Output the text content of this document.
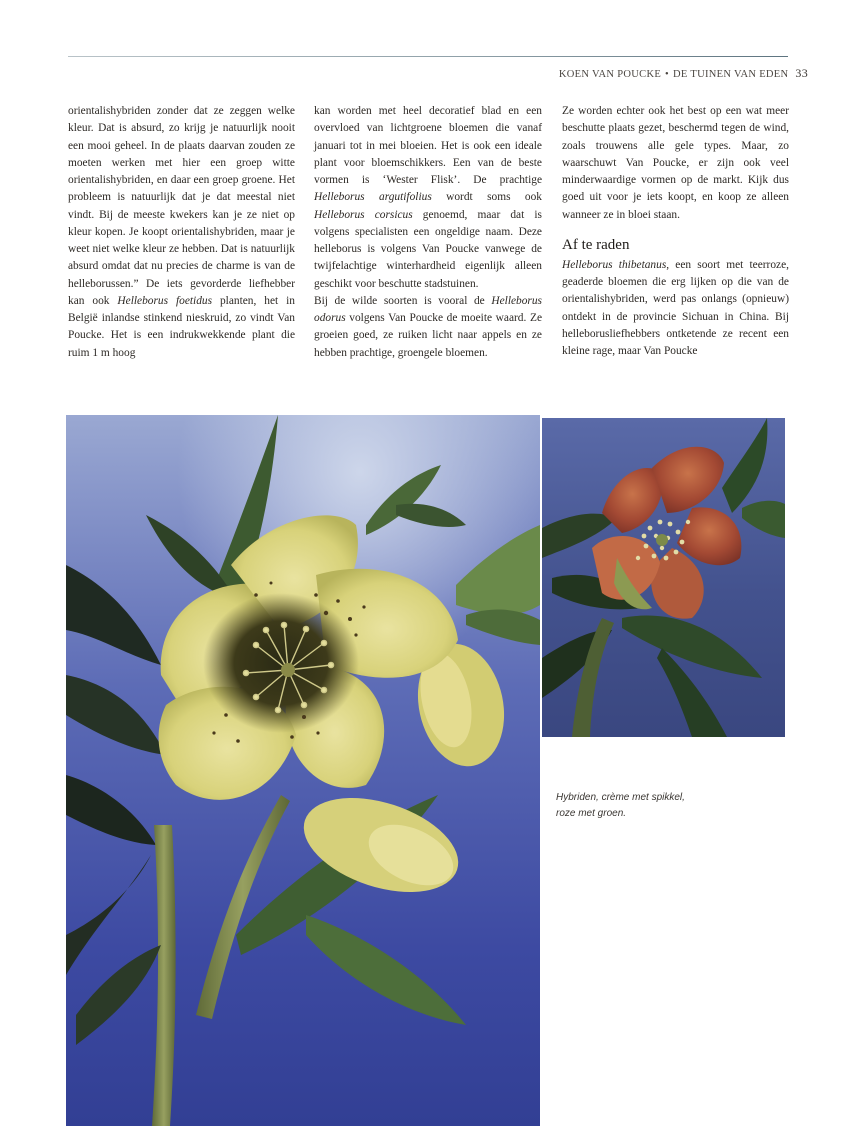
KOEN VAN POUCKE • DE TUINEN VAN EDEN 33

orientalishybriden zonder dat ze zeggen welke kleur. Dat is absurd, zo krijg je natuurlijk nooit een mooi geheel. In de plaats daarvan zouden ze moeten werken met hier een groep witte orientalishybriden, en daar een groep groene. Het probleem is natuurlijk dat je dat meestal niet vindt. Bij de meeste kwekers kan je ze niet op kleur kopen. Je koopt orientalishybriden, maar je weet niet welke kleur ze hebben. Dat is natuurlijk absurd omdat dat nu precies de charme is van de helleborussen.” De iets gevorderde liefhebber kan ook Helleborus foetidus planten, het in België inlandse stinkend nieskruid, zo vindt Van Poucke. Het is een indrukwekkende plant die ruim 1 m hoog

kan worden met heel decoratief blad en een overvloed van lichtgroene bloemen die vanaf januari tot in mei bloeien. Het is ook een ideale plant voor bloemschikkers. Een van de beste vormen is ‘Wester Flisk’. De prachtige Helleborus argutifolius wordt soms ook Helleborus corsicus genoemd, maar dat is volgens specialisten een ongeldige naam. Deze helleborus is volgens Van Poucke vanwege de twijfelachtige winterhardheid eigenlijk alleen geschikt voor beschutte stadstuinen.

Bij de wilde soorten is vooral de Helleborus odorus volgens Van Poucke de moeite waard. Ze groeien goed, ze ruiken licht naar appels en ze hebben prachtige, groengele bloemen.

Ze worden echter ook het best op een wat meer beschutte plaats gezet, beschermd tegen de wind, zoals trouwens alle gele types. Maar, zo waarschuwt Van Poucke, er zijn ook veel minderwaardige vormen op de markt. Kijk dus goed uit voor je iets koopt, en koop ze alleen wanneer ze in bloei staan.

Af te raden

Helleborus thibetanus, een soort met teerroze, geaderde bloemen die erg lijken op die van de orientalishybriden, werd pas onlangs (opnieuw) ontdekt in de provincie Sichuan in China. Bij helleborusliefhebbers ontketende ze recent een kleine rage, maar Van Poucke

Hybriden, crème met spikkel,
roze met groen.
